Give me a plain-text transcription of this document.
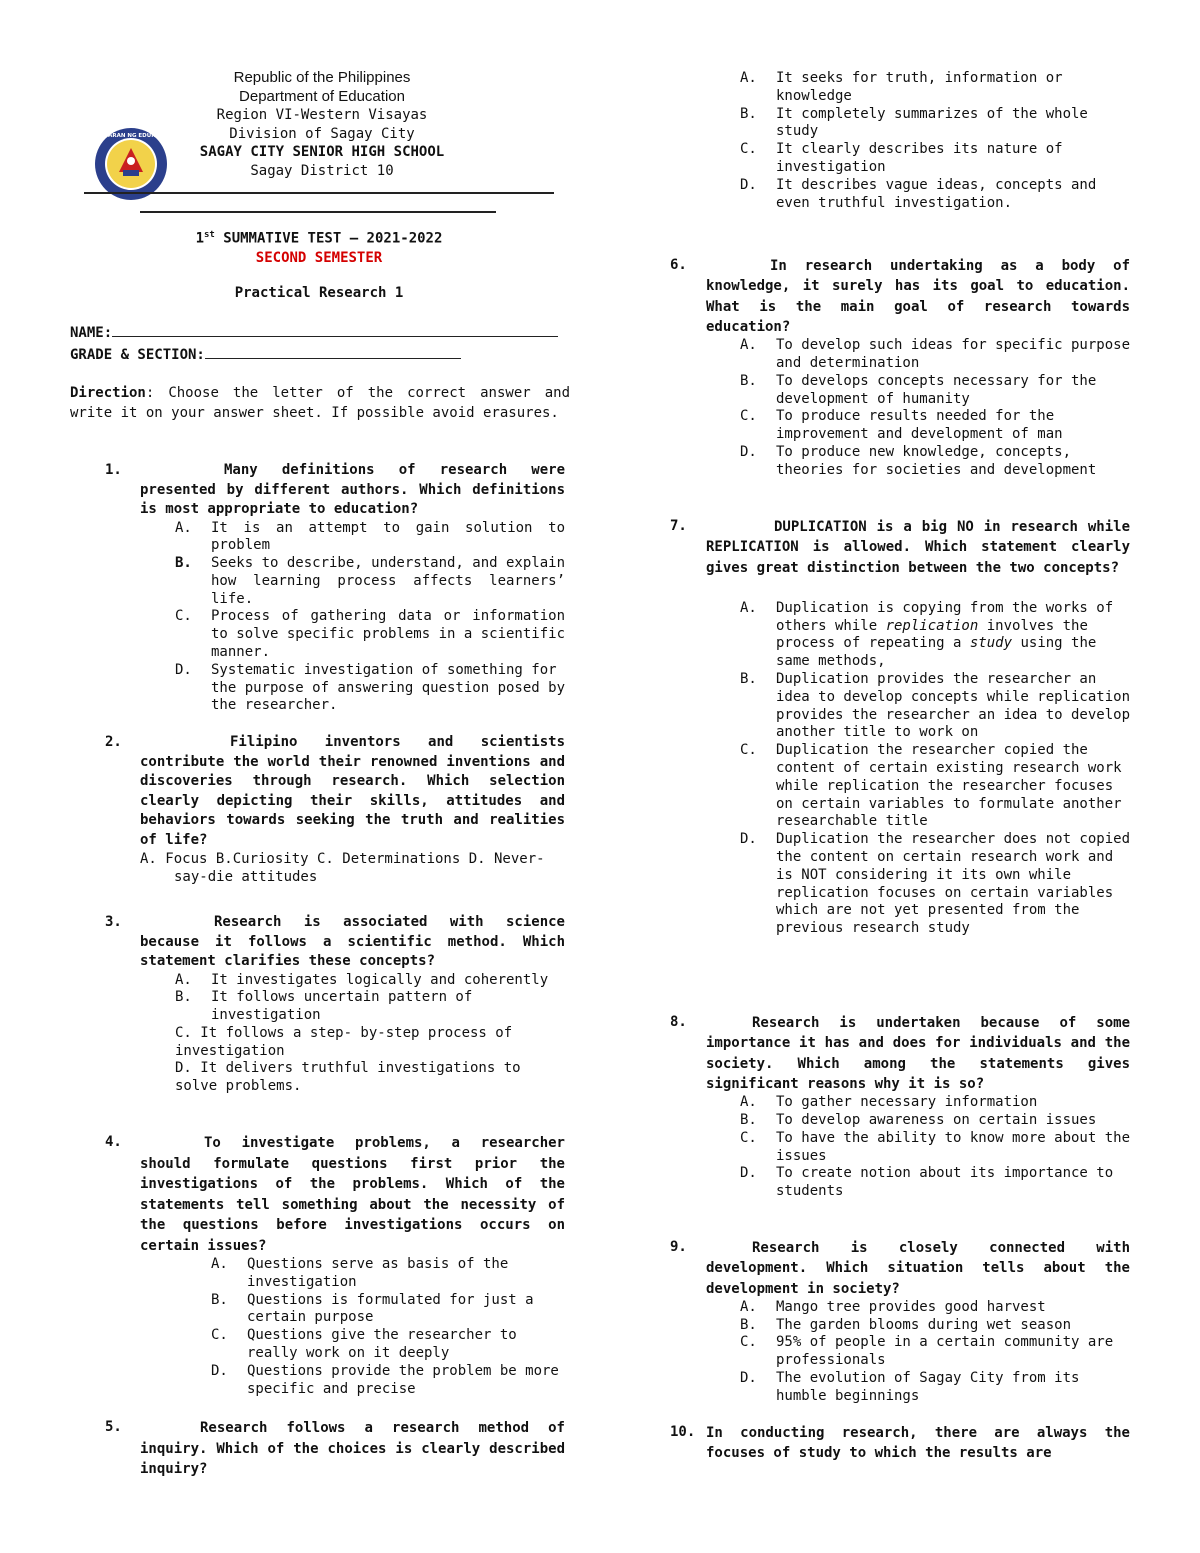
KAGAWARAN NG EDUKASYON
Republic of the Philippines
Department of Education
Region VI-Western Visayas
Division of Sagay City
SAGAY CITY SENIOR HIGH SCHOOL
Sagay District 10
1st SUMMATIVE TEST – 2021-2022
SECOND SEMESTER
Practical Research 1
NAME:
GRADE & SECTION:
Direction: Choose the letter of the correct answer and write it on your answer sheet. If possible avoid erasures.
1.	Many definitions of research were presented by different authors. Which definitions is most appropriate to education?
A. It is an attempt to gain solution to problem
B. Seeks to describe, understand, and explain how learning process affects learners’ life.
C. Process of gathering data or information to solve specific problems in a scientific manner.
D. Systematic investigation of something for the purpose of answering question posed by the researcher.
2.	Filipino inventors and scientists contribute the world their renowned inventions and discoveries through research. Which selection clearly depicting their skills, attitudes and behaviors towards seeking the truth and realities of life?
A. Focus B.Curiosity C. Determinations D. Never-say-die attitudes
3.	Research is associated with science because it follows a scientific method. Which statement clarifies these concepts?
A. It investigates logically and coherently
B. It follows uncertain pattern of investigation
C. It follows a step- by-step process of investigation
D. It delivers truthful investigations to solve problems.
4.	To investigate problems, a researcher should formulate questions first prior the investigations of the problems. Which of the statements tell something about the necessity of the questions before investigations occurs on certain issues?
A. Questions serve as basis of the investigation
B. Questions is formulated for just a certain purpose
C. Questions give the researcher to really work on it deeply
D. Questions provide the problem be more specific and precise
5.	Research follows a research method of inquiry. Which of the choices is clearly described inquiry?
A. It seeks for truth, information or knowledge
B. It completely summarizes of the whole study
C. It clearly describes its nature of investigation
D. It describes vague ideas, concepts and even truthful investigation.
6.	In research undertaking as a body of knowledge, it surely has its goal to education. What is the main goal of research towards education?
A. To develop such ideas for specific purpose and determination
B. To develops concepts necessary for the development of humanity
C. To produce results needed for the improvement and development of man
D. To produce new knowledge, concepts, theories for societies and development
7.	DUPLICATION is a big NO in research while REPLICATION is allowed. Which statement clearly gives great distinction between the two concepts?
A. Duplication is copying from the works of others while replication involves the process of repeating a study using the same methods,
B. Duplication provides the researcher an idea to develop concepts while replication provides the researcher an idea to develop another title to work on
C. Duplication the researcher copied the content of certain existing research work while replication the researcher focuses on certain variables to formulate another researchable title
D. Duplication the researcher does not copied the content on certain research work and is NOT considering it its own while replication focuses on certain variables which are not yet presented from the previous research study
8.	Research is undertaken because of some importance it has and does for individuals and the society. Which among the statements gives significant reasons why it is so?
A. To gather necessary information
B. To develop awareness on certain issues
C. To have the ability to know more about the issues
D. To create notion about its importance to students
9.	Research is closely connected with development. Which situation tells about the development in society?
A. Mango tree provides good harvest
B. The garden blooms during wet season
C. 95% of people in a certain community are professionals
D. The evolution of Sagay City from its humble beginnings
10. In conducting research, there are always the focuses of study to which the results are
